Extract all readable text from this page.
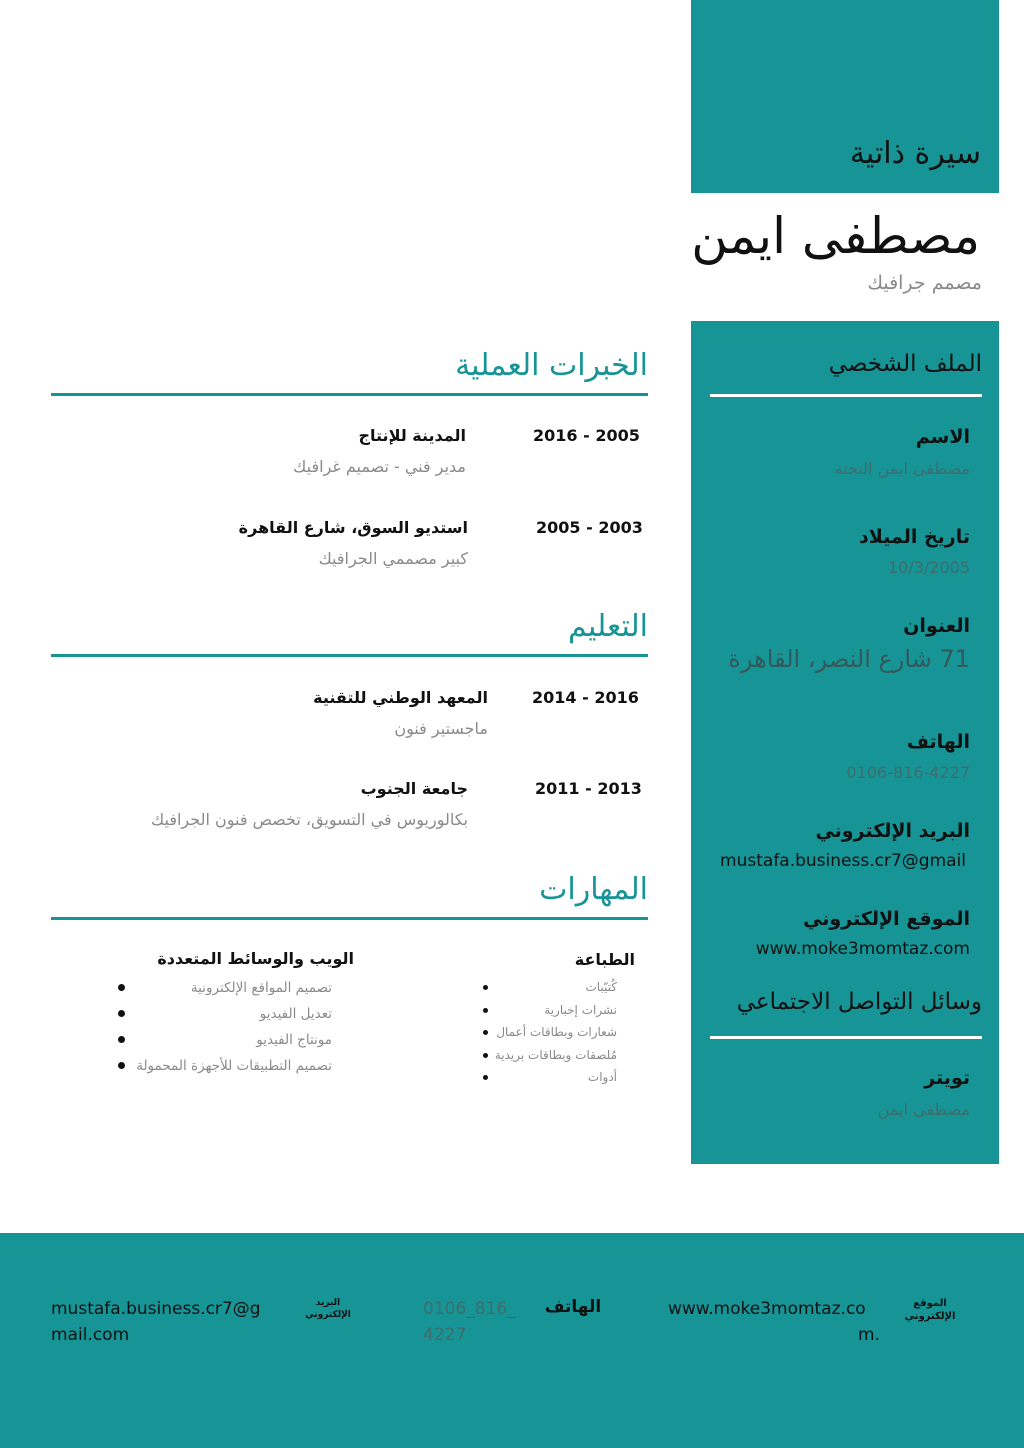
سيرة ذاتية
مصطفى ايمن
مصمم جرافيك
الملف الشخصي
الاسم
مصطفى ايمن النحته
تاريخ الميلاد
10/3/2005
العنوان
71 شارع النصر، القاهرة
الهاتف
0106-816-4227
البريد الإلكتروني
mustafa.business.cr7@gmail
الموقع الإلكتروني
www.moke3momtaz.com
وسائل التواصل الاجتماعي
تويتر
مصطفى ايمن
الخبرات العملية
المدينة للإنتاج
مدير فني - تصميم غرافيك
2016 - 2005
استديو السوق، شارع القاهرة
كبير مصممي الجرافيك
2005 - 2003
التعليم
المعهد الوطني للتقنية
ماجستير فنون
2014 - 2016
جامعة الجنوب
بكالوريوس في التسويق، تخصص فنون الجرافيك
2011 - 2013
المهارات
الويب والوسائط المتعددة
تصميم المواقع الإلكترونية
تعديل الفيديو
مونتاج الفيديو
تصميم التطبيقات للأجهزة المحمولة
الطباعة
كُتيّبات
نشرات إخبارية
شعارات وبطاقات أعمال
مُلصقات وبطاقات بريدية
أدوات
mustafa.business.cr7@g
mail.com
البريد الإلكتروني	0106_816_
4227
الهاتف	www.moke3momtaz.co
m.
الموقع الإلكتروني
